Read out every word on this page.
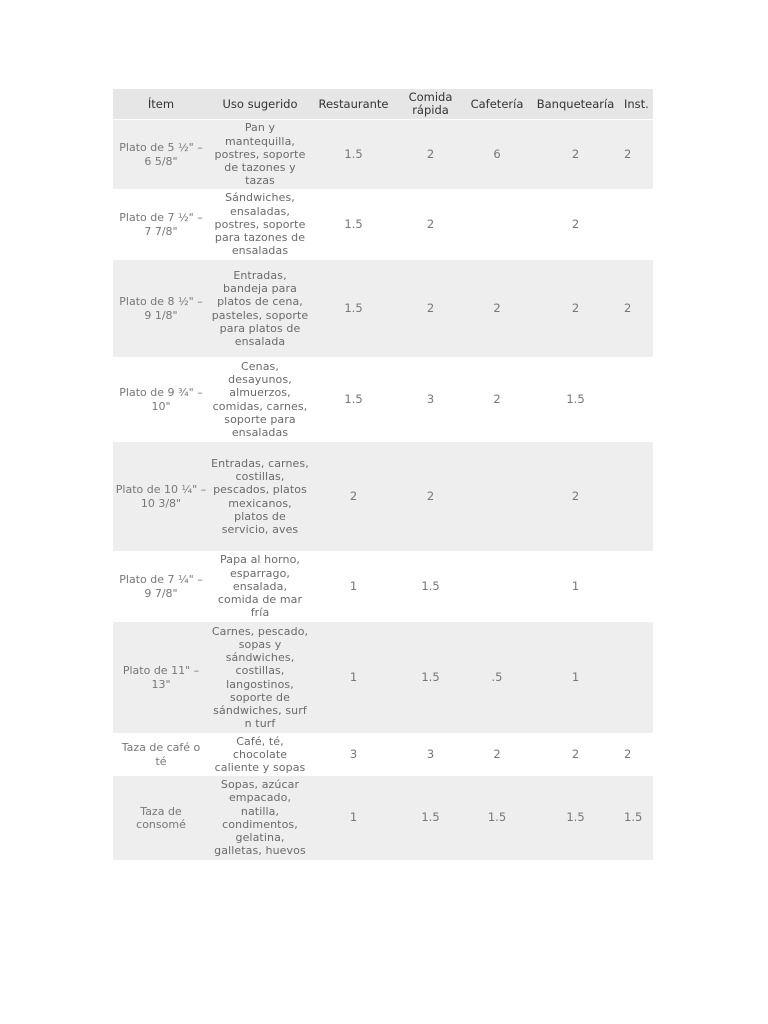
Ítem	Uso sugerido	Restaurante	Comida rápida	Cafetería	Banquetearía	Inst.
Plato de 5 ½" – 6 5/8"	Pan y mantequilla, postres, soporte de tazones y tazas	1.5	2	6	2	2
Plato de 7 ½" – 7 7/8"	Sándwiches, ensaladas, postres, soporte para tazones de ensaladas	1.5	2		2	
Plato de 8 ½" – 9 1/8"	Entradas, bandeja para platos de cena, pasteles, soporte para platos de ensalada	1.5	2	2	2	2
Plato de 9 ¾" – 10"	Cenas, desayunos, almuerzos, comidas, carnes, soporte para ensaladas	1.5	3	2	1.5	
Plato de 10 ¼" – 10 3/8"	Entradas, carnes, costillas, pescados, platos mexicanos, platos de servicio, aves	2	2		2	
Plato de 7 ¼" – 9 7/8"	Papa al horno, esparrago, ensalada, comida de mar fría	1	1.5		1	
Plato de 11" – 13"	Carnes, pescado, sopas y sándwiches, costillas, langostinos, soporte de sándwiches, surf n turf	1	1.5	.5	1	
Taza de café o té	Café, té, chocolate caliente y sopas	3	3	2	2	2
Taza de consomé	Sopas, azúcar empacado, natilla, condimentos, gelatina, galletas, huevos	1	1.5	1.5	1.5	1.5
